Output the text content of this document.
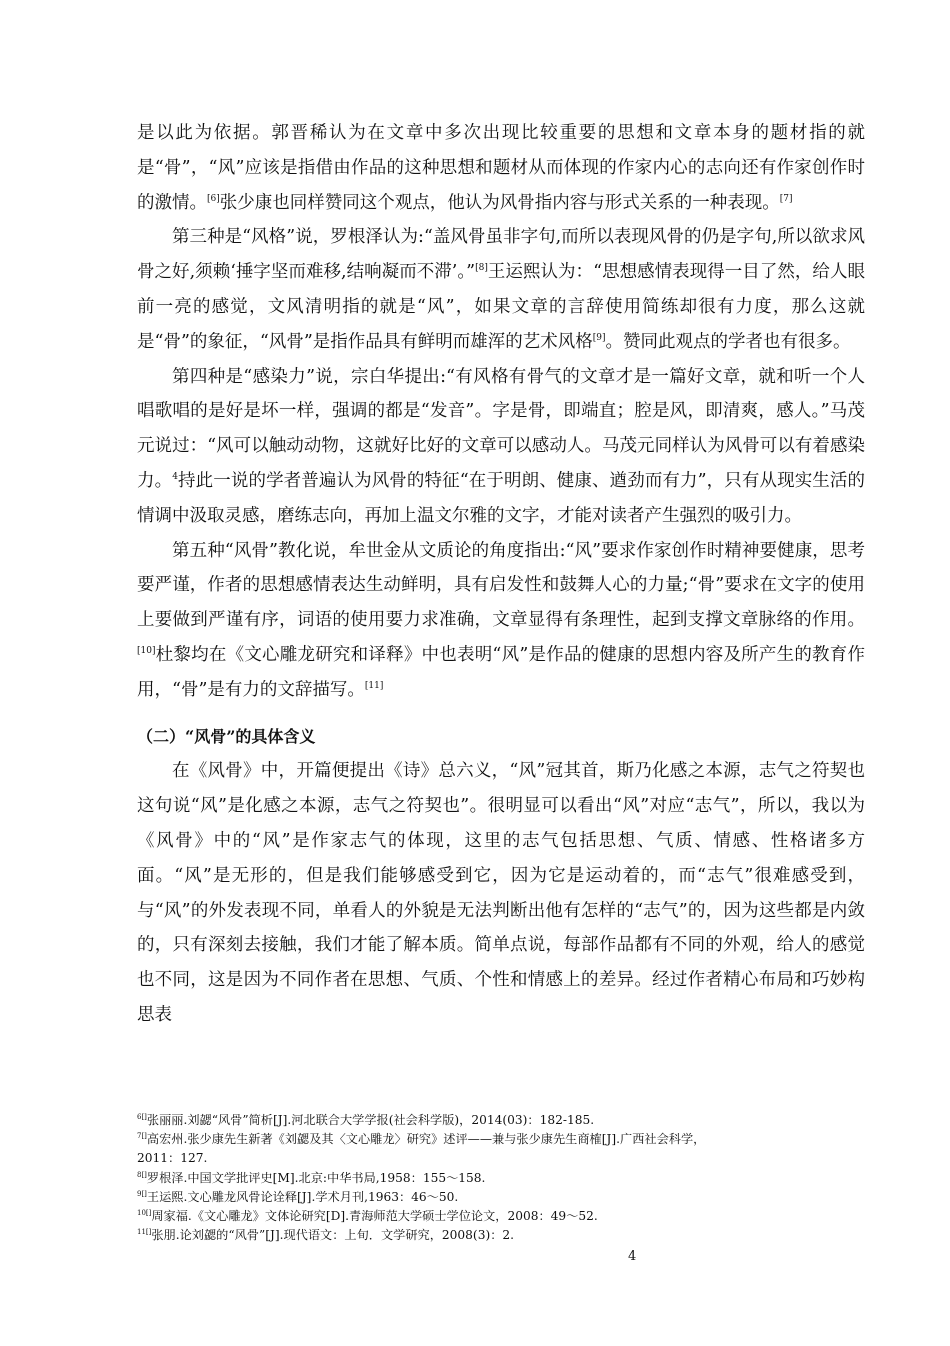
是以此为依据。郭晋稀认为在文章中多次出现比较重要的思想和文章本身的题材指的就是“骨”，“风”应该是指借由作品的这种思想和题材从而体现的作家内心的志向还有作家创作时的激情。[6]张少康也同样赞同这个观点，他认为风骨指内容与形式关系的一种表现。[7]

第三种是“风格”说，罗根泽认为:“盖风骨虽非字句,而所以表现风骨的仍是字句,所以欲求风骨之好,须赖‘捶字坚而难移,结响凝而不滞’。”[8]王运熙认为：“思想感情表现得一目了然，给人眼前一亮的感觉，文风清明指的就是“风”，如果文章的言辞使用简练却很有力度，那么这就是“骨”的象征，“风骨”是指作品具有鲜明而雄浑的艺术风格[9]。赞同此观点的学者也有很多。

第四种是“感染力”说，宗白华提出:“有风格有骨气的文章才是一篇好文章，就和听一个人唱歌唱的是好是坏一样，强调的都是“发音”。字是骨，即端直；腔是风，即清爽，感人。”马茂元说过：“风可以触动动物，这就好比好的文章可以感动人。马茂元同样认为风骨可以有着感染力。$^4$持此一说的学者普遍认为风骨的特征“在于明朗、健康、遒劲而有力”，只有从现实生活的情调中汲取灵感，磨练志向，再加上温文尔雅的文字，才能对读者产生强烈的吸引力。

第五种“风骨”教化说，牟世金从文质论的角度指出:“风”要求作家创作时精神要健康，思考要严谨，作者的思想感情表达生动鲜明，具有启发性和鼓舞人心的力量;“骨”要求在文字的使用上要做到严谨有序，词语的使用要力求准确，文章显得有条理性，起到支撑文章脉络的作用。[10]杜黎均在《文心雕龙研究和译释》中也表明“风”是作品的健康的思想内容及所产生的教育作用，“骨”是有力的文辞描写。[11]

（二）“风骨”的具体含义

在《风骨》中，开篇便提出《诗》总六义，“风”冠其首，斯乃化感之本源，志气之符契也这句说“风”是化感之本源，志气之符契也”。很明显可以看出“风”对应“志气”，所以，我以为《风骨》中的“风”是作家志气的体现，这里的志气包括思想、气质、情感、性格诸多方面。“风”是无形的，但是我们能够感受到它，因为它是运动着的，而“志气”很难感受到，与“风”的外发表现不同，单看人的外貌是无法判断出他有怎样的“志气”的，因为这些都是内敛的，只有深刻去接触，我们才能了解本质。简单点说，每部作品都有不同的外观，给人的感觉也不同，这是因为不同作者在思想、气质、个性和情感上的差异。经过作者精心布局和巧妙构思表

$^{6[]}$张丽丽.刘勰“风骨”简析[J].河北联合大学学报(社会科学版)，2014(03)：182-185.

$^{7[]}$高宏州.张少康先生新著《刘勰及其〈文心雕龙〉研究》述评——兼与张少康先生商榷[J].广西社会科学，

2011：127.

$^{8[]}$罗根泽.中国文学批评史[M].北京:中华书局,1958：155～158.

$^{9[]}$王运熙.文心雕龙风骨论诠释[J].学术月刊,1963：46～50.

$^{10[]}$周家福.《文心雕龙》文体论研究[D].青海师范大学硕士学位论文，2008：49～52.

$^{11[]}$张朋.论刘勰的“风骨”[J].现代语文：上旬．文学研究，2008(3)：2.

4
